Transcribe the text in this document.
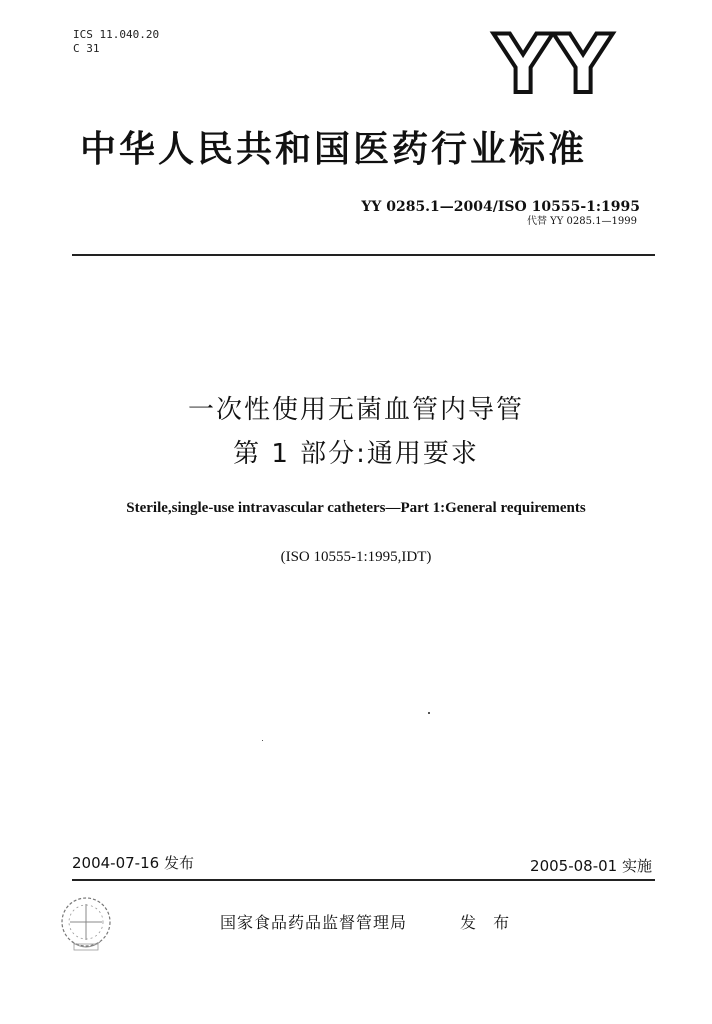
ICS 11.040.20
C 31	YY
中华人民共和国医药行业标准
YY 0285.1—2004/ISO 10555-1:1995
代替 YY 0285.1—1999
一次性使用无菌血管内导管
第 1 部分:通用要求
Sterile,single-use intravascular catheters—Part 1:General requirements
(ISO 10555-1:1995,IDT)
2004-07-16 发布	2005-08-01 实施
国家食品药品监督管理局	发 布
